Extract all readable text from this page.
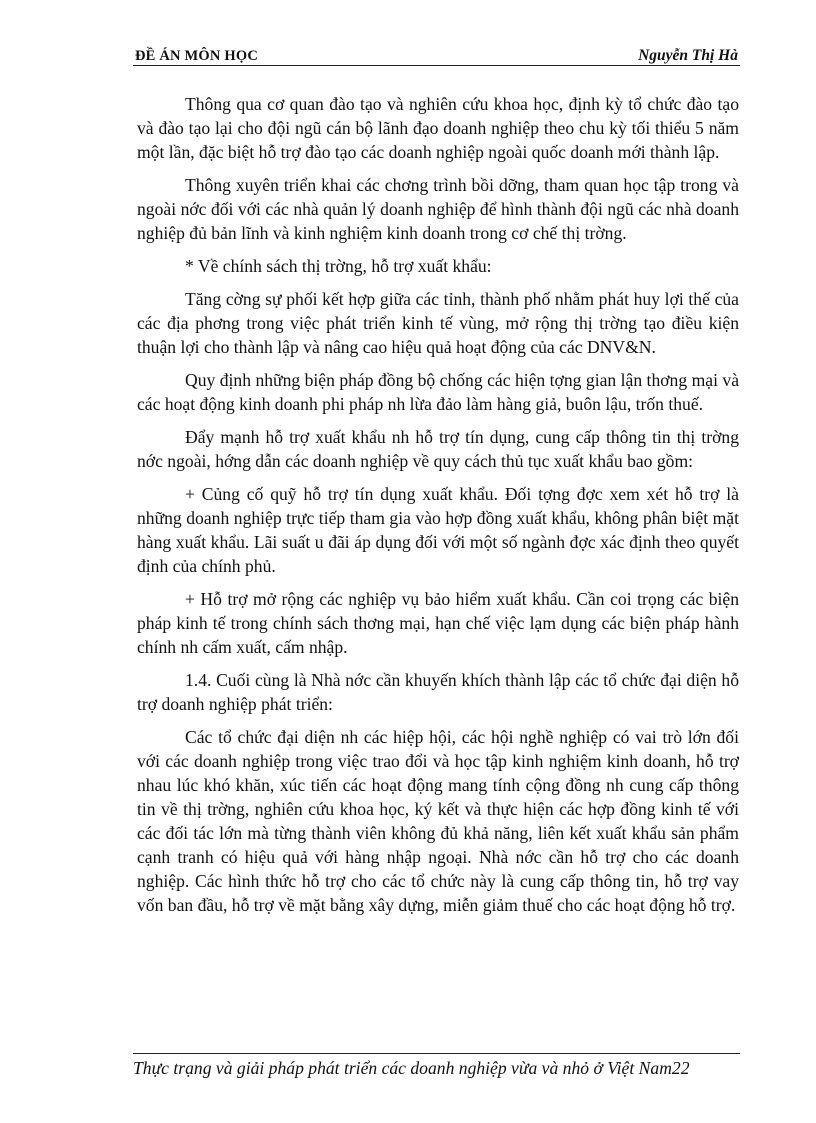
ĐỀ ÁN MÔN HỌC	Nguyễn Thị Hà

Thông qua cơ quan đào tạo và nghiên cứu khoa học, định kỳ tổ chức đào tạo và đào tạo lại cho đội ngũ cán bộ lãnh đạo doanh nghiệp theo chu kỳ tối thiểu 5 năm một lần, đặc biệt hỗ trợ đào tạo các doanh nghiệp ngoài quốc doanh mới thành lập.

Thông xuyên triển khai các chơng trình bồi dỡng, tham quan học tập trong và ngoài nớc đối với các nhà quản lý doanh nghiệp để hình thành đội ngũ các nhà doanh nghiệp đủ bản lĩnh và kinh nghiệm kinh doanh trong cơ chế thị trờng.

* Về chính sách thị trờng, hỗ trợ xuất khẩu:

Tăng cờng sự phối kết hợp giữa các tỉnh, thành phố nhằm phát huy lợi thế của các địa phơng trong việc phát triển kinh tế vùng, mở rộng thị trờng tạo điều kiện thuận lợi cho thành lập và nâng cao hiệu quả hoạt động của các DNV&N.

Quy định những biện pháp đồng bộ chống các hiện tợng gian lận thơng mại và các hoạt động kinh doanh phi pháp nh lừa đảo làm hàng giả, buôn lậu, trốn thuế.

Đẩy mạnh hỗ trợ xuất khẩu nh hỗ trợ tín dụng, cung cấp thông tin thị trờng nớc ngoài, hớng dẫn các doanh nghiệp về quy cách thủ tục xuất khẩu bao gồm:

+ Củng cố quỹ hỗ trợ tín dụng xuất khẩu. Đối tợng đợc xem xét hỗ trợ là những doanh nghiệp trực tiếp tham gia vào hợp đồng xuất khẩu, không phân biệt mặt hàng xuất khẩu. Lãi suất u đãi áp dụng đối với một số ngành đợc xác định theo quyết định của chính phủ.

+ Hỗ trợ mở rộng các nghiệp vụ bảo hiểm xuất khẩu. Cần coi trọng các biện pháp kinh tế trong chính sách thơng mại, hạn chế việc lạm dụng các biện pháp hành chính nh cấm xuất, cấm nhập.

1.4. Cuối cùng là Nhà nớc cần khuyến khích thành lập các tổ chức đại diện hỗ trợ doanh nghiệp phát triển:

Các tổ chức đại diện nh các hiệp hội, các hội nghề nghiệp có vai trò lớn đối với các doanh nghiệp trong việc trao đổi và học tập kinh nghiệm kinh doanh, hỗ trợ nhau lúc khó khăn, xúc tiến các hoạt động mang tính cộng đồng nh cung cấp thông tin về thị trờng, nghiên cứu khoa học, ký kết và thực hiện các hợp đồng kinh tế với các đối tác lớn mà từng thành viên không đủ khả năng, liên kết xuất khẩu sản phẩm cạnh tranh có hiệu quả với hàng nhập ngoại. Nhà nớc cần hỗ trợ cho các doanh nghiệp. Các hình thức hỗ trợ cho các tổ chức này là cung cấp thông tin, hỗ trợ vay vốn ban đầu, hỗ trợ về mặt bằng xây dựng, miễn giảm thuế cho các hoạt động hỗ trợ.

Thực trạng và giải pháp phát triển các doanh nghiệp vừa và nhỏ ở Việt Nam22
